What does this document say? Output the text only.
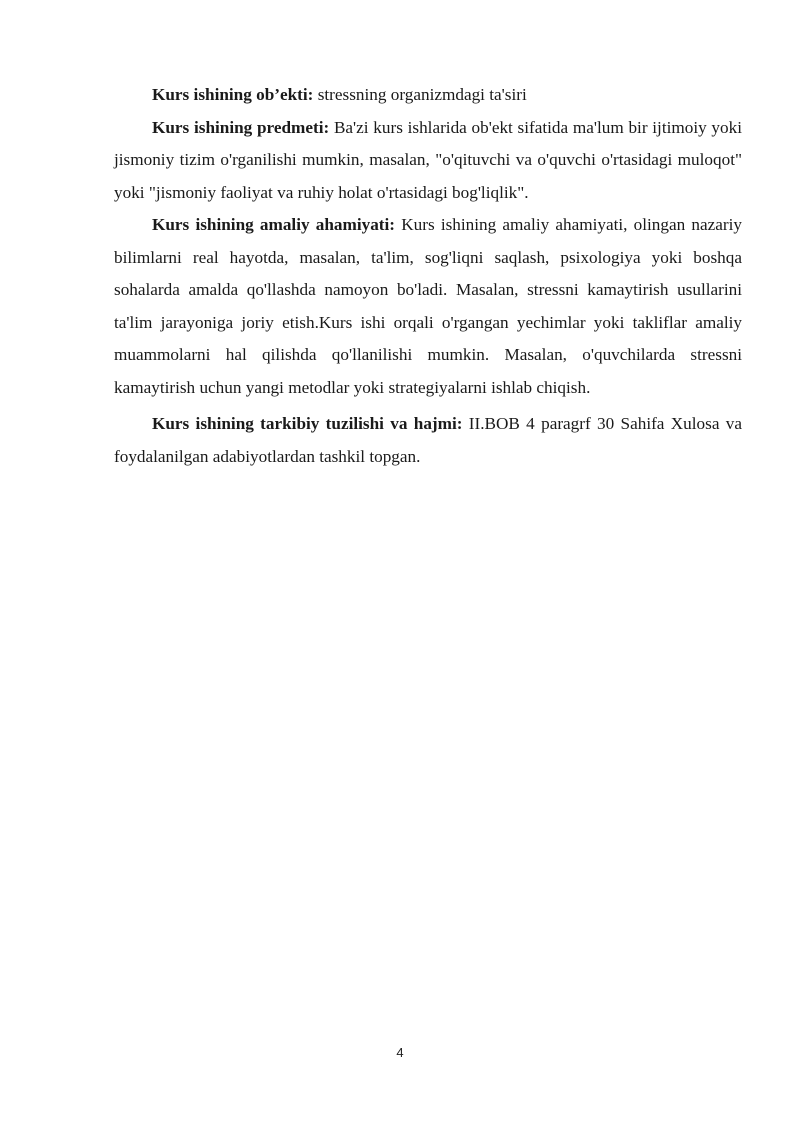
Kurs ishining ob’ekti: stressning organizmdagi ta'siri

Kurs ishining predmeti: Ba'zi kurs ishlarida ob'ekt sifatida ma'lum bir ijtimoiy yoki jismoniy tizim o'rganilishi mumkin, masalan, "o'qituvchi va o'quvchi o'rtasidagi muloqot" yoki "jismoniy faoliyat va ruhiy holat o'rtasidagi bog'liqlik".

Kurs ishining amaliy ahamiyati: Kurs ishining amaliy ahamiyati, olingan nazariy bilimlarni real hayotda, masalan, ta'lim, sog'liqni saqlash, psixologiya yoki boshqa sohalarda amalda qo'llashda namoyon bo'ladi. Masalan, stressni kamaytirish usullarini ta'lim jarayoniga joriy etish.Kurs ishi orqali o'rgangan yechimlar yoki takliflar amaliy muammolarni hal qilishda qo'llanilishi mumkin. Masalan, o'quvchilarda stressni kamaytirish uchun yangi metodlar yoki strategiyalarni ishlab chiqish.

Kurs ishining tarkibiy tuzilishi va hajmi: II.BOB 4 paragrf 30 Sahifa Xulosa va foydalanilgan adabiyotlardan tashkil topgan.

4
